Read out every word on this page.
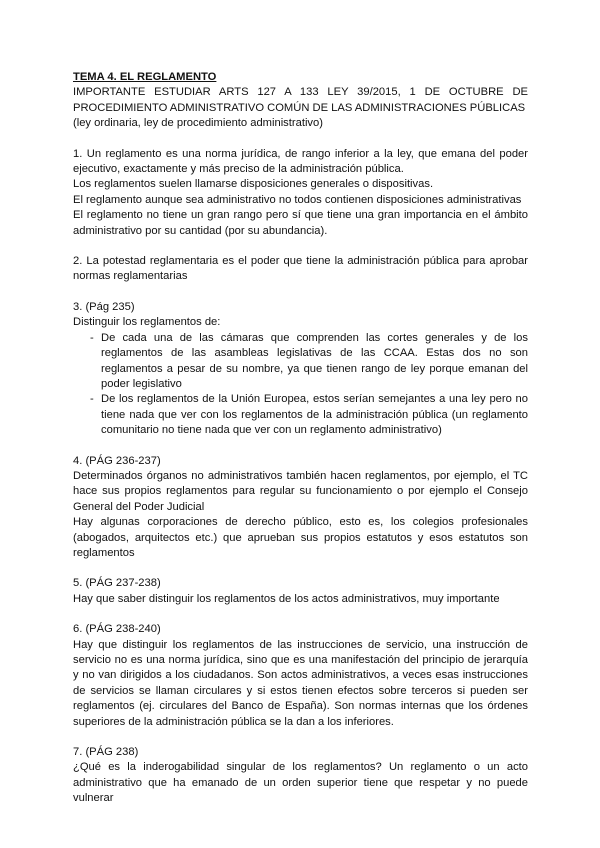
TEMA 4. EL REGLAMENTO

IMPORTANTE ESTUDIAR ARTS 127 A 133 LEY 39/2015, 1 DE OCTUBRE DE PROCEDIMIENTO ADMINISTRATIVO COMÚN DE LAS ADMINISTRACIONES PÚBLICAS

(ley ordinaria, ley de procedimiento administrativo)

1. Un reglamento es una norma jurídica, de rango inferior a la ley, que emana del poder ejecutivo, exactamente y más preciso de la administración pública.

Los reglamentos suelen llamarse disposiciones generales o dispositivas.

El reglamento aunque sea administrativo no todos contienen disposiciones administrativas

El reglamento no tiene un gran rango pero sí que tiene una gran importancia en el ámbito administrativo por su cantidad (por su abundancia).

2. La potestad reglamentaria es el poder que tiene la administración pública para aprobar normas reglamentarias

3. (Pág 235)

Distinguir los reglamentos de:

- De cada una de las cámaras que comprenden las cortes generales y de los reglamentos de las asambleas legislativas de las CCAA. Estas dos no son reglamentos a pesar de su nombre, ya que tienen rango de ley porque emanan del poder legislativo
- De los reglamentos de la Unión Europea, estos serían semejantes a una ley pero no tiene nada que ver con los reglamentos de la administración pública (un reglamento comunitario no tiene nada que ver con un reglamento administrativo)

4. (PÁG 236-237)

Determinados órganos no administrativos también hacen reglamentos, por ejemplo, el TC hace sus propios reglamentos para regular su funcionamiento o por ejemplo el Consejo General del Poder Judicial

Hay algunas corporaciones de derecho público, esto es, los colegios profesionales (abogados, arquitectos etc.) que aprueban sus propios estatutos y esos estatutos son reglamentos

5. (PÁG 237-238)

Hay que saber distinguir los reglamentos de los actos administrativos, muy importante

6. (PÁG 238-240)

Hay que distinguir los reglamentos de las instrucciones de servicio, una instrucción de servicio no es una norma jurídica, sino que es una manifestación del principio de jerarquía y no van dirigidos a los ciudadanos. Son actos administrativos, a veces esas instrucciones de servicios se llaman circulares y si estos tienen efectos sobre terceros si pueden ser reglamentos (ej. circulares del Banco de España). Son normas internas que los órdenes superiores de la administración pública se la dan a los inferiores.

7. (PÁG 238)

¿Qué es la inderogabilidad singular de los reglamentos? Un reglamento o un acto administrativo que ha emanado de un orden superior tiene que respetar y no puede vulnerar
